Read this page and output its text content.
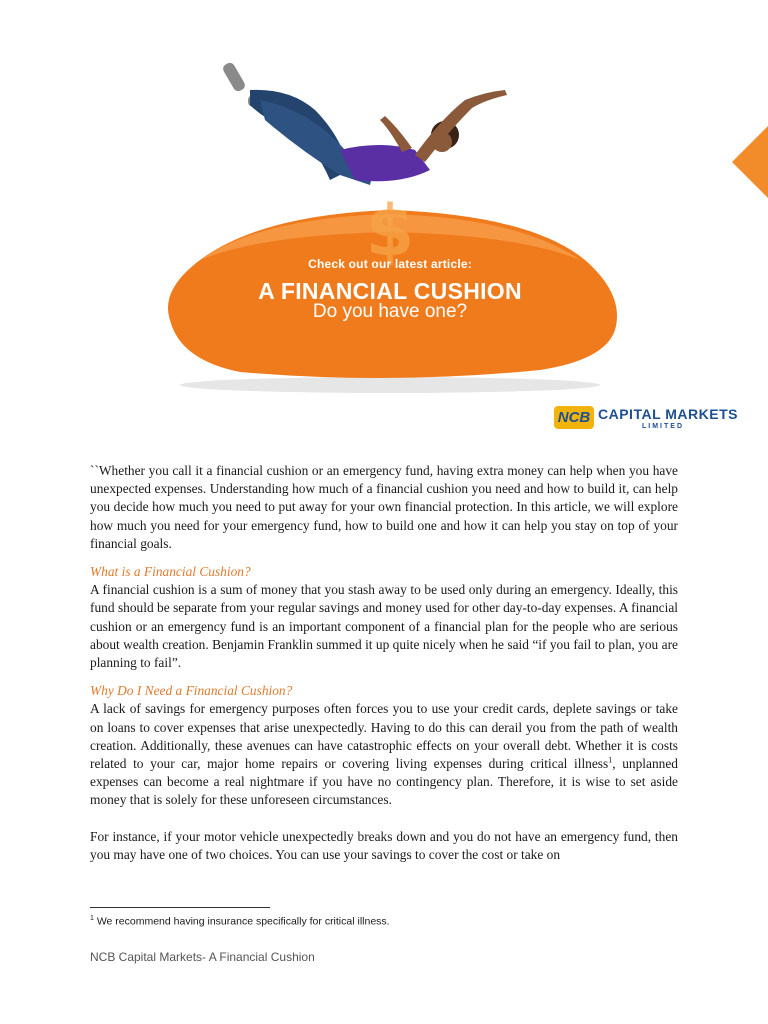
$
Check out our latest article:
A FINANCIAL CUSHION
Do you have one?
NCB CAPITAL MARKETS
LIMITED

``Whether you call it a financial cushion or an emergency fund, having extra money can help when you have unexpected expenses. Understanding how much of a financial cushion you need and how to build it, can help you decide how much you need to put away for your own financial protection. In this article, we will explore how much you need for your emergency fund, how to build one and how it can help you stay on top of your financial goals.

What is a Financial Cushion?

A financial cushion is a sum of money that you stash away to be used only during an emergency. Ideally, this fund should be separate from your regular savings and money used for other day-to-day expenses. A financial cushion or an emergency fund is an important component of a financial plan for the people who are serious about wealth creation. Benjamin Franklin summed it up quite nicely when he said “if you fail to plan, you are planning to fail”.

Why Do I Need a Financial Cushion?

A lack of savings for emergency purposes often forces you to use your credit cards, deplete savings or take on loans to cover expenses that arise unexpectedly. Having to do this can derail you from the path of wealth creation. Additionally, these avenues can have catastrophic effects on your overall debt. Whether it is costs related to your car, major home repairs or covering living expenses during critical illness$^1$, unplanned expenses can become a real nightmare if you have no contingency plan. Therefore, it is wise to set aside money that is solely for these unforeseen circumstances.

For instance, if your motor vehicle unexpectedly breaks down and you do not have an emergency fund, then you may have one of two choices. You can use your savings to cover the cost or take on

$^1$ We recommend having insurance specifically for critical illness.
NCB Capital Markets- A Financial Cushion
